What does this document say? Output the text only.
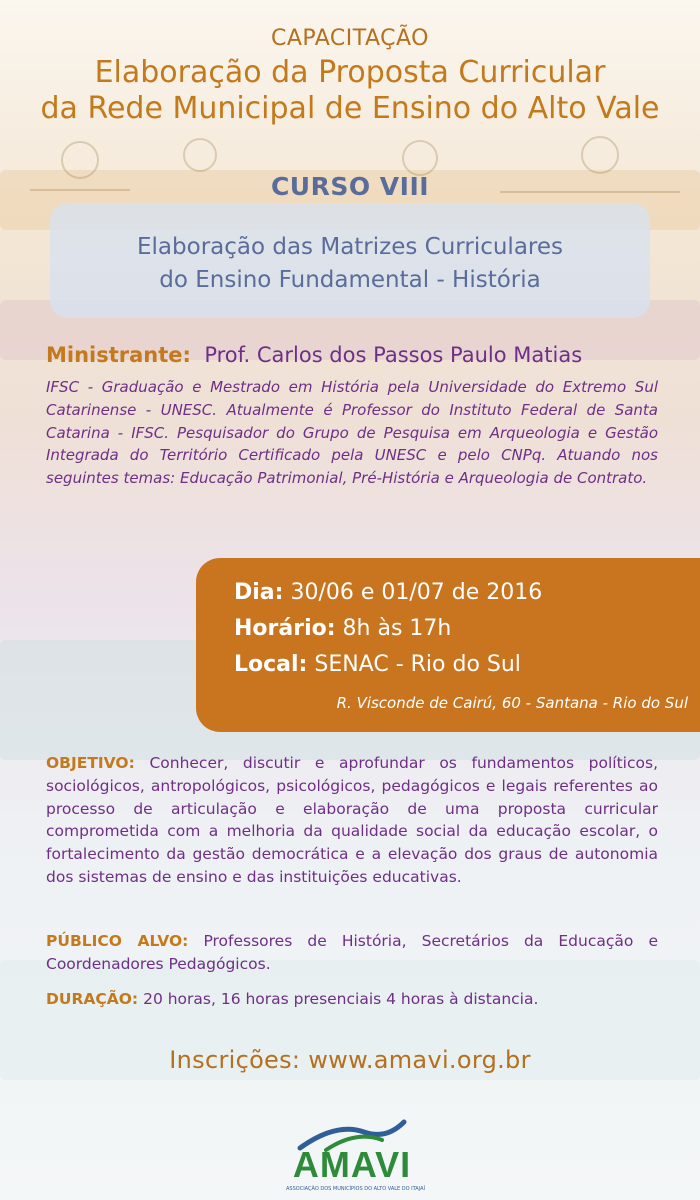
CAPACITAÇÃO
Elaboração da Proposta Curricular
da Rede Municipal de Ensino do Alto Vale
CURSO VIII
Elaboração das Matrizes Curriculares
do Ensino Fundamental - História
Ministrante: Prof. Carlos dos Passos Paulo Matias
IFSC - Graduação e Mestrado em História pela Universidade do Extremo Sul Catarinense - UNESC. Atualmente é Professor do Instituto Federal de Santa Catarina - IFSC. Pesquisador do Grupo de Pesquisa em Arqueologia e Gestão Integrada do Território Certificado pela UNESC e pelo CNPq. Atuando nos seguintes temas: Educação Patrimonial, Pré-História e Arqueologia de Contrato.
Dia: 30/06 e 01/07 de 2016
Horário: 8h às 17h
Local: SENAC - Rio do Sul
R. Visconde de Cairú, 60 - Santana - Rio do Sul
OBJETIVO: Conhecer, discutir e aprofundar os fundamentos políticos, sociológicos, antropológicos, psicológicos, pedagógicos e legais referentes ao processo de articulação e elaboração de uma proposta curricular comprometida com a melhoria da qualidade social da educação escolar, o fortalecimento da gestão democrática e a elevação dos graus de autonomia dos sistemas de ensino e das instituições educativas.
PÚBLICO ALVO: Professores de História, Secretários da Educação e Coordenadores Pedagógicos.
DURAÇÃO: 20 horas, 16 horas presenciais 4 horas à distancia.
Inscrições: www.amavi.org.br
AMAVI
ASSOCIAÇÃO DOS MUNICÍPIOS DO ALTO VALE DO ITAJAÍ
